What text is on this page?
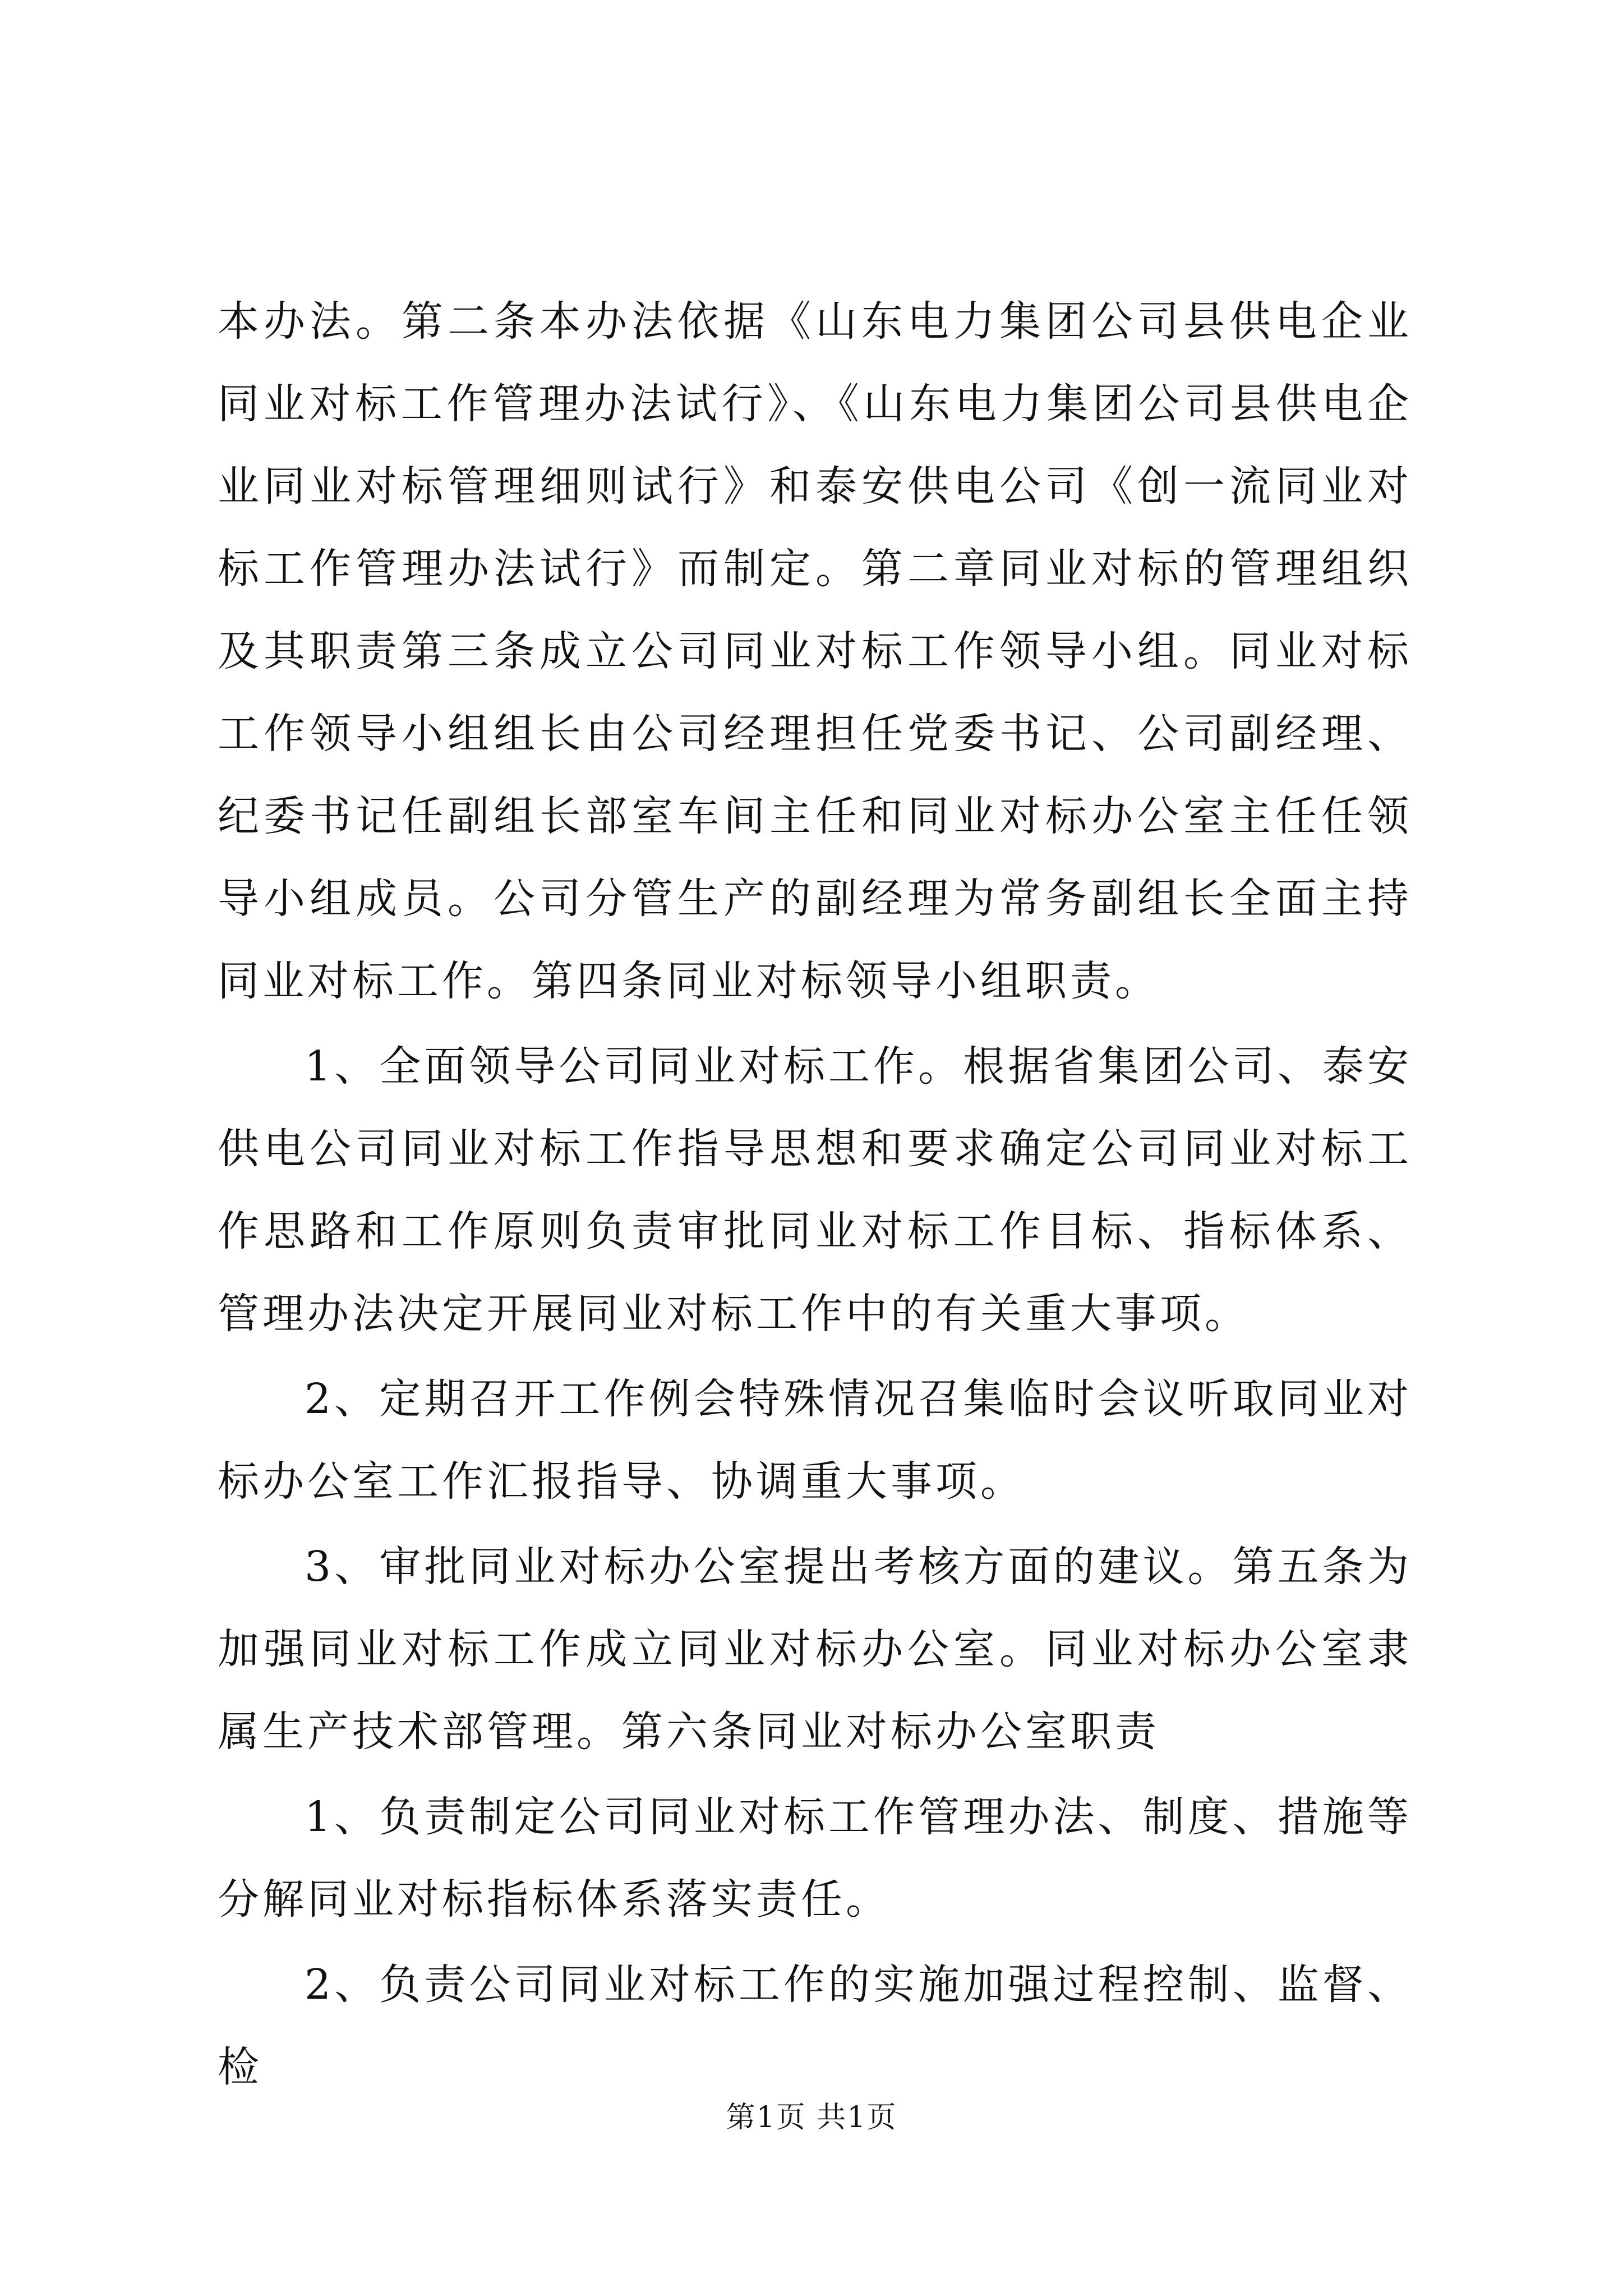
本办法。第二条本办法依据《山东电力集团公司县供电企业同业对标工作管理办法试行》、《山东电力集团公司县供电企业同业对标管理细则试行》和泰安供电公司《创一流同业对标工作管理办法试行》而制定。第二章同业对标的管理组织及其职责第三条成立公司同业对标工作领导小组。同业对标工作领导小组组长由公司经理担任党委书记、公司副经理、纪委书记任副组长部室车间主任和同业对标办公室主任任领导小组成员。公司分管生产的副经理为常务副组长全面主持同业对标工作。第四条同业对标领导小组职责。

1、全面领导公司同业对标工作。根据省集团公司、泰安供电公司同业对标工作指导思想和要求确定公司同业对标工作思路和工作原则负责审批同业对标工作目标、指标体系、管理办法决定开展同业对标工作中的有关重大事项。

2、定期召开工作例会特殊情况召集临时会议听取同业对标办公室工作汇报指导、协调重大事项。

3、审批同业对标办公室提出考核方面的建议。第五条为加强同业对标工作成立同业对标办公室。同业对标办公室隶属生产技术部管理。第六条同业对标办公室职责

1、负责制定公司同业对标工作管理办法、制度、措施等分解同业对标指标体系落实责任。

2、负责公司同业对标工作的实施加强过程控制、监督、检

第1页 共1页
